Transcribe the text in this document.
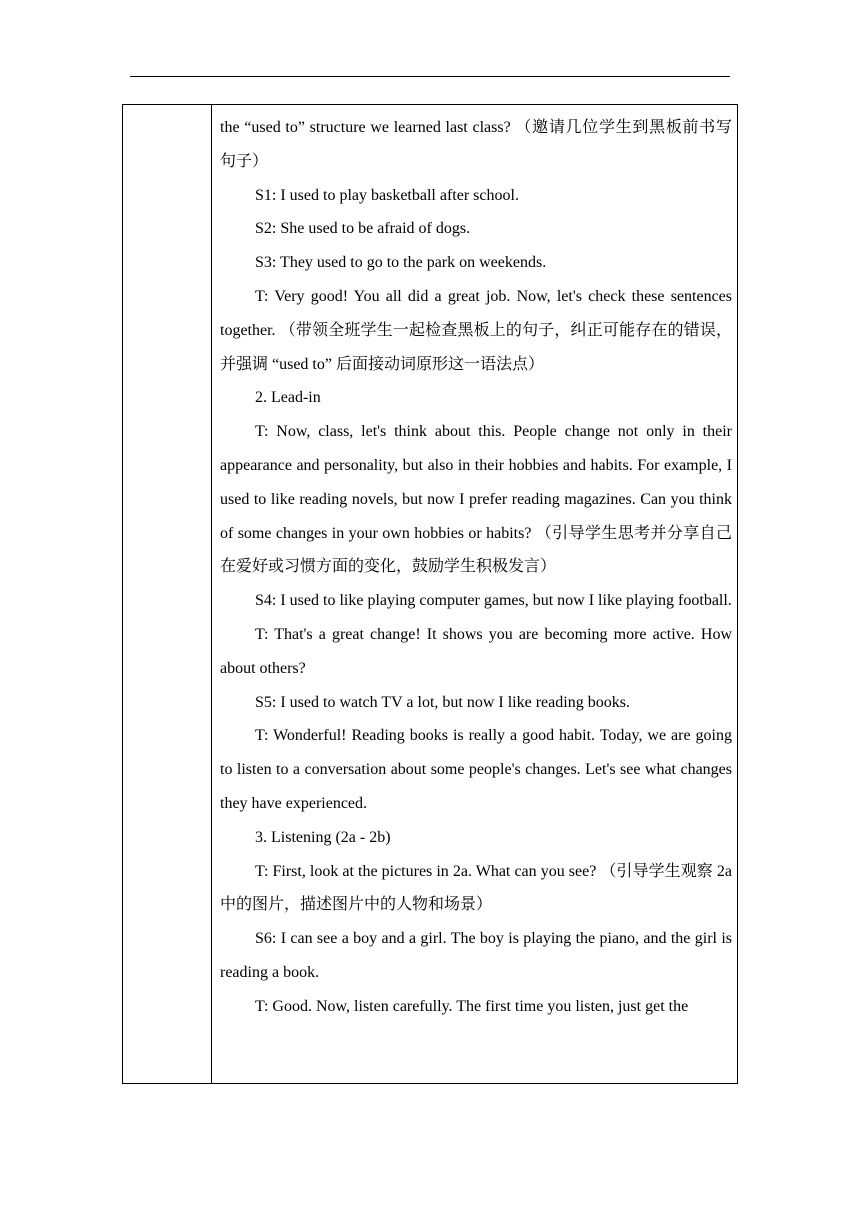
the “used to” structure we learned last class? （邀请几位学生到黑板前书写句子）

S1: I used to play basketball after school.

S2: She used to be afraid of dogs.

S3: They used to go to the park on weekends.

T: Very good! You all did a great job. Now, let's check these sentences together. （带领全班学生一起检查黑板上的句子，纠正可能存在的错误，并强调 “used to” 后面接动词原形这一语法点）

2. Lead-in

T: Now, class, let's think about this. People change not only in their appearance and personality, but also in their hobbies and habits. For example, I used to like reading novels, but now I prefer reading magazines. Can you think of some changes in your own hobbies or habits? （引导学生思考并分享自己在爱好或习惯方面的变化，鼓励学生积极发言）

S4: I used to like playing computer games, but now I like playing football.

T: That's a great change! It shows you are becoming more active. How about others?

S5: I used to watch TV a lot, but now I like reading books.

T: Wonderful! Reading books is really a good habit. Today, we are going to listen to a conversation about some people's changes. Let's see what changes they have experienced.

3. Listening (2a - 2b)

T: First, look at the pictures in 2a. What can you see? （引导学生观察 2a 中的图片，描述图片中的人物和场景）

S6: I can see a boy and a girl. The boy is playing the piano, and the girl is reading a book.

T: Good. Now, listen carefully. The first time you listen, just get the
